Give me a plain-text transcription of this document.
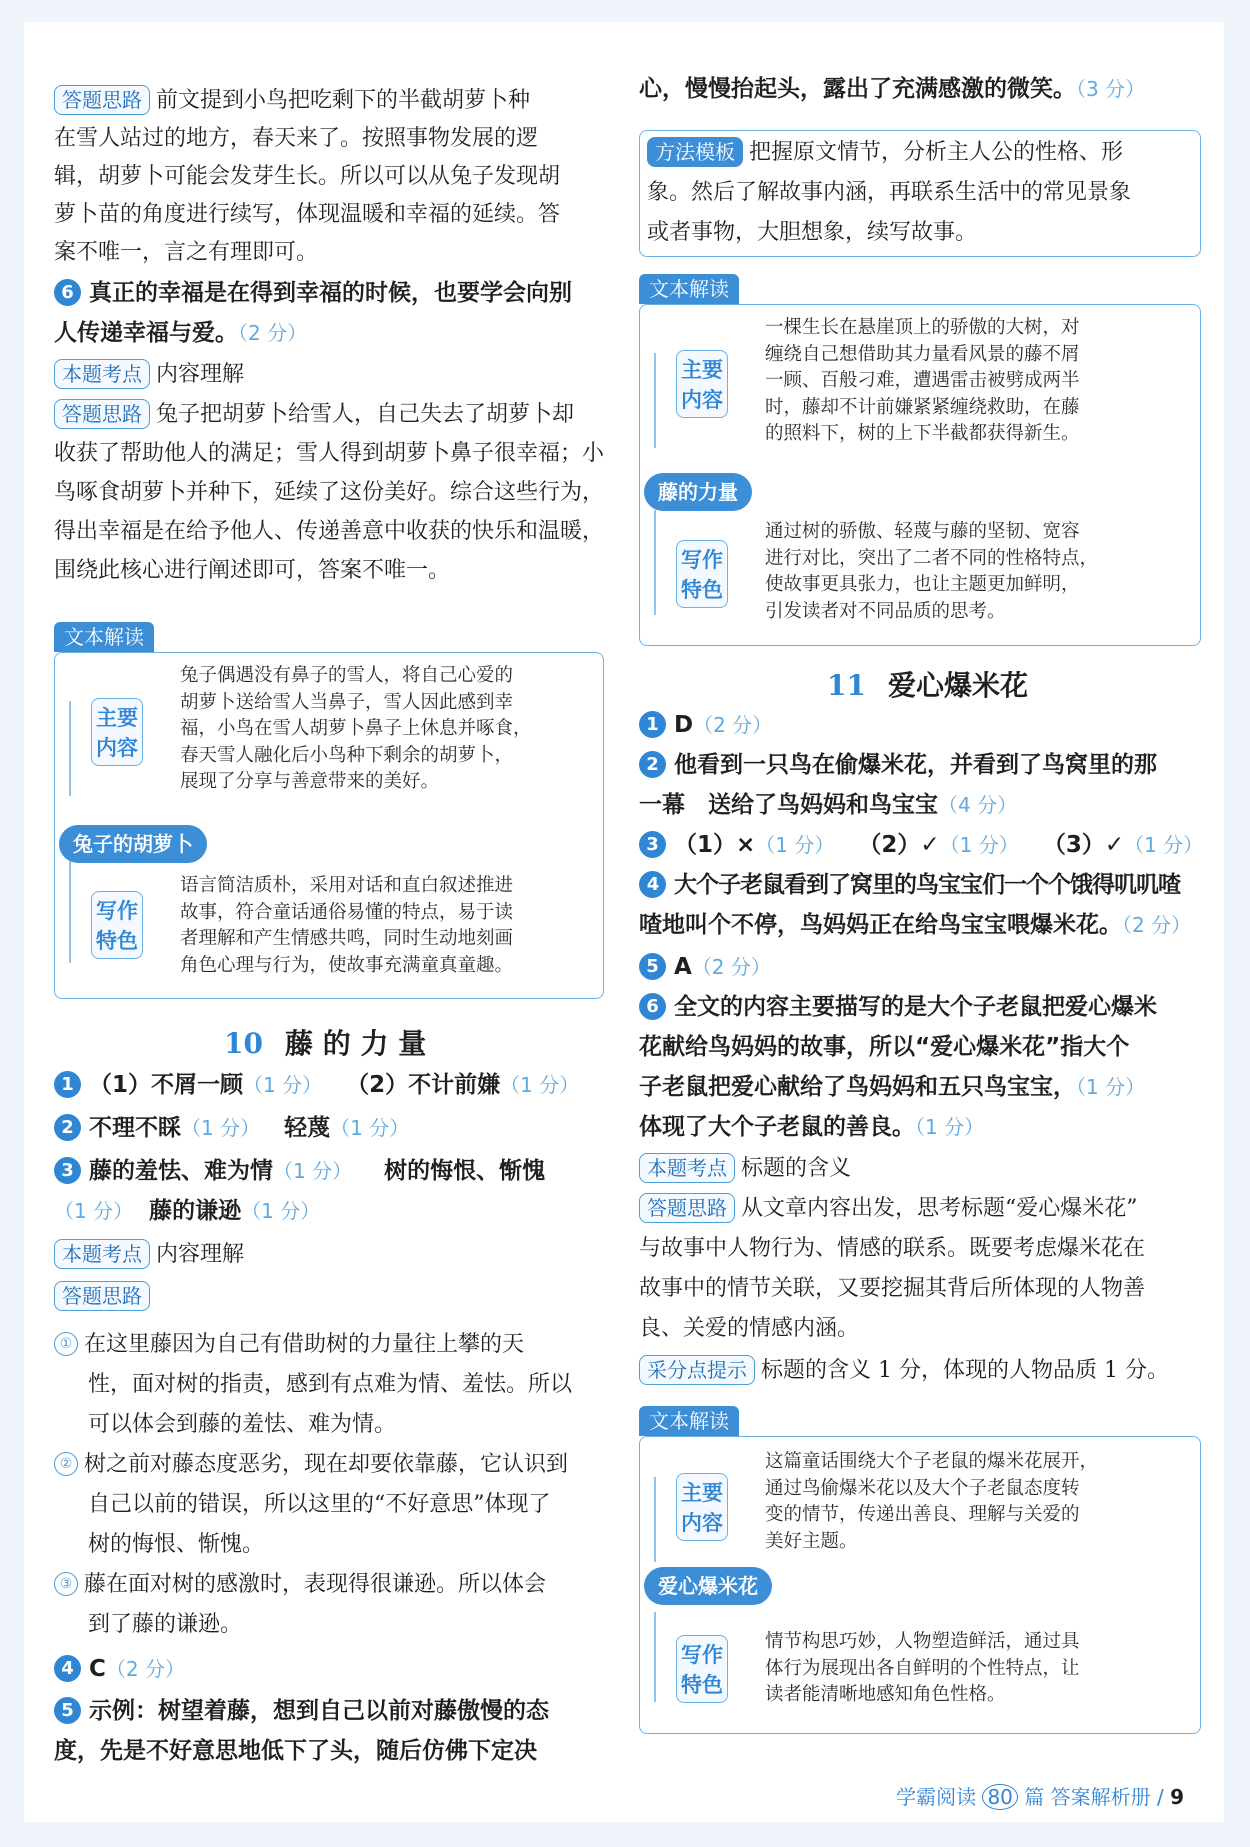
答题思路 前文提到小鸟把吃剩下的半截胡萝卜种
在雪人站过的地方，春天来了。按照事物发展的逻
辑，胡萝卜可能会发芽生长。所以可以从兔子发现胡
萝卜苗的角度进行续写，体现温暖和幸福的延续。答
案不唯一，言之有理即可。
6 真正的幸福是在得到幸福的时候，也要学会向别
人传递幸福与爱。（2 分）
本题考点 内容理解
答题思路 兔子把胡萝卜给雪人，自己失去了胡萝卜却
收获了帮助他人的满足；雪人得到胡萝卜鼻子很幸福；小
鸟啄食胡萝卜并种下，延续了这份美好。综合这些行为，
得出幸福是在给予他人、传递善意中收获的快乐和温暖，
围绕此核心进行阐述即可，答案不唯一。
文本解读
主要内容
兔子偶遇没有鼻子的雪人，将自己心爱的
胡萝卜送给雪人当鼻子，雪人因此感到幸
福，小鸟在雪人胡萝卜鼻子上休息并啄食，
春天雪人融化后小鸟种下剩余的胡萝卜，
展现了分享与善意带来的美好。
兔子的胡萝卜
写作特色
语言简洁质朴，采用对话和直白叙述推进
故事，符合童话通俗易懂的特点，易于读
者理解和产生情感共鸣，同时生动地刻画
角色心理与行为，使故事充满童真童趣。
10 藤 的 力 量
1 （1）不屑一顾（1 分） （2）不计前嫌（1 分）
2 不理不睬（1 分） 轻蔑（1 分）
3 藤的羞怯、难为情（1 分） 树的悔恨、惭愧
（1 分） 藤的谦逊（1 分）
本题考点 内容理解
答题思路
① 在这里藤因为自己有借助树的力量往上攀的天
性，面对树的指责，感到有点难为情、羞怯。所以
可以体会到藤的羞怯、难为情。
② 树之前对藤态度恶劣，现在却要依靠藤，它认识到
自己以前的错误，所以这里的“不好意思”体现了
树的悔恨、惭愧。
③ 藤在面对树的感激时，表现得很谦逊。所以体会
到了藤的谦逊。
4 C（2 分）
5 示例：树望着藤，想到自己以前对藤傲慢的态
度，先是不好意思地低下了头，随后仿佛下定决
心，慢慢抬起头，露出了充满感激的微笑。（3 分）
方法模板 把握原文情节，分析主人公的性格、形
象。然后了解故事内涵，再联系生活中的常见景象
或者事物，大胆想象，续写故事。
文本解读
主要内容
一棵生长在悬崖顶上的骄傲的大树，对
缠绕自己想借助其力量看风景的藤不屑
一顾、百般刁难，遭遇雷击被劈成两半
时，藤却不计前嫌紧紧缠绕救助，在藤
的照料下，树的上下半截都获得新生。
藤的力量
写作特色
通过树的骄傲、轻蔑与藤的坚韧、宽容
进行对比，突出了二者不同的性格特点，
使故事更具张力，也让主题更加鲜明，
引发读者对不同品质的思考。
11 爱心爆米花
1 D（2 分）
2 他看到一只鸟在偷爆米花，并看到了鸟窝里的那
一幕　送给了鸟妈妈和鸟宝宝（4 分）
3 （1）×（1 分） （2）✓（1 分） （3）✓（1 分）
4 大个子老鼠看到了窝里的鸟宝宝们一个个饿得叽叽喳
喳地叫个不停，鸟妈妈正在给鸟宝宝喂爆米花。（2 分）
5 A（2 分）
6 全文的内容主要描写的是大个子老鼠把爱心爆米
花献给鸟妈妈的故事，所以“爱心爆米花”指大个
子老鼠把爱心献给了鸟妈妈和五只鸟宝宝，（1 分）
体现了大个子老鼠的善良。（1 分）
本题考点 标题的含义
答题思路 从文章内容出发，思考标题“爱心爆米花”
与故事中人物行为、情感的联系。既要考虑爆米花在
故事中的情节关联，又要挖掘其背后所体现的人物善
良、关爱的情感内涵。
采分点提示 标题的含义 1 分，体现的人物品质 1 分。
文本解读
主要内容
这篇童话围绕大个子老鼠的爆米花展开，
通过鸟偷爆米花以及大个子老鼠态度转
变的情节，传递出善良、理解与关爱的
美好主题。
爱心爆米花
写作特色
情节构思巧妙，人物塑造鲜活，通过具
体行为展现出各自鲜明的个性特点，让
读者能清晰地感知角色性格。
学霸阅读 80 篇 答案解析册 / 9
